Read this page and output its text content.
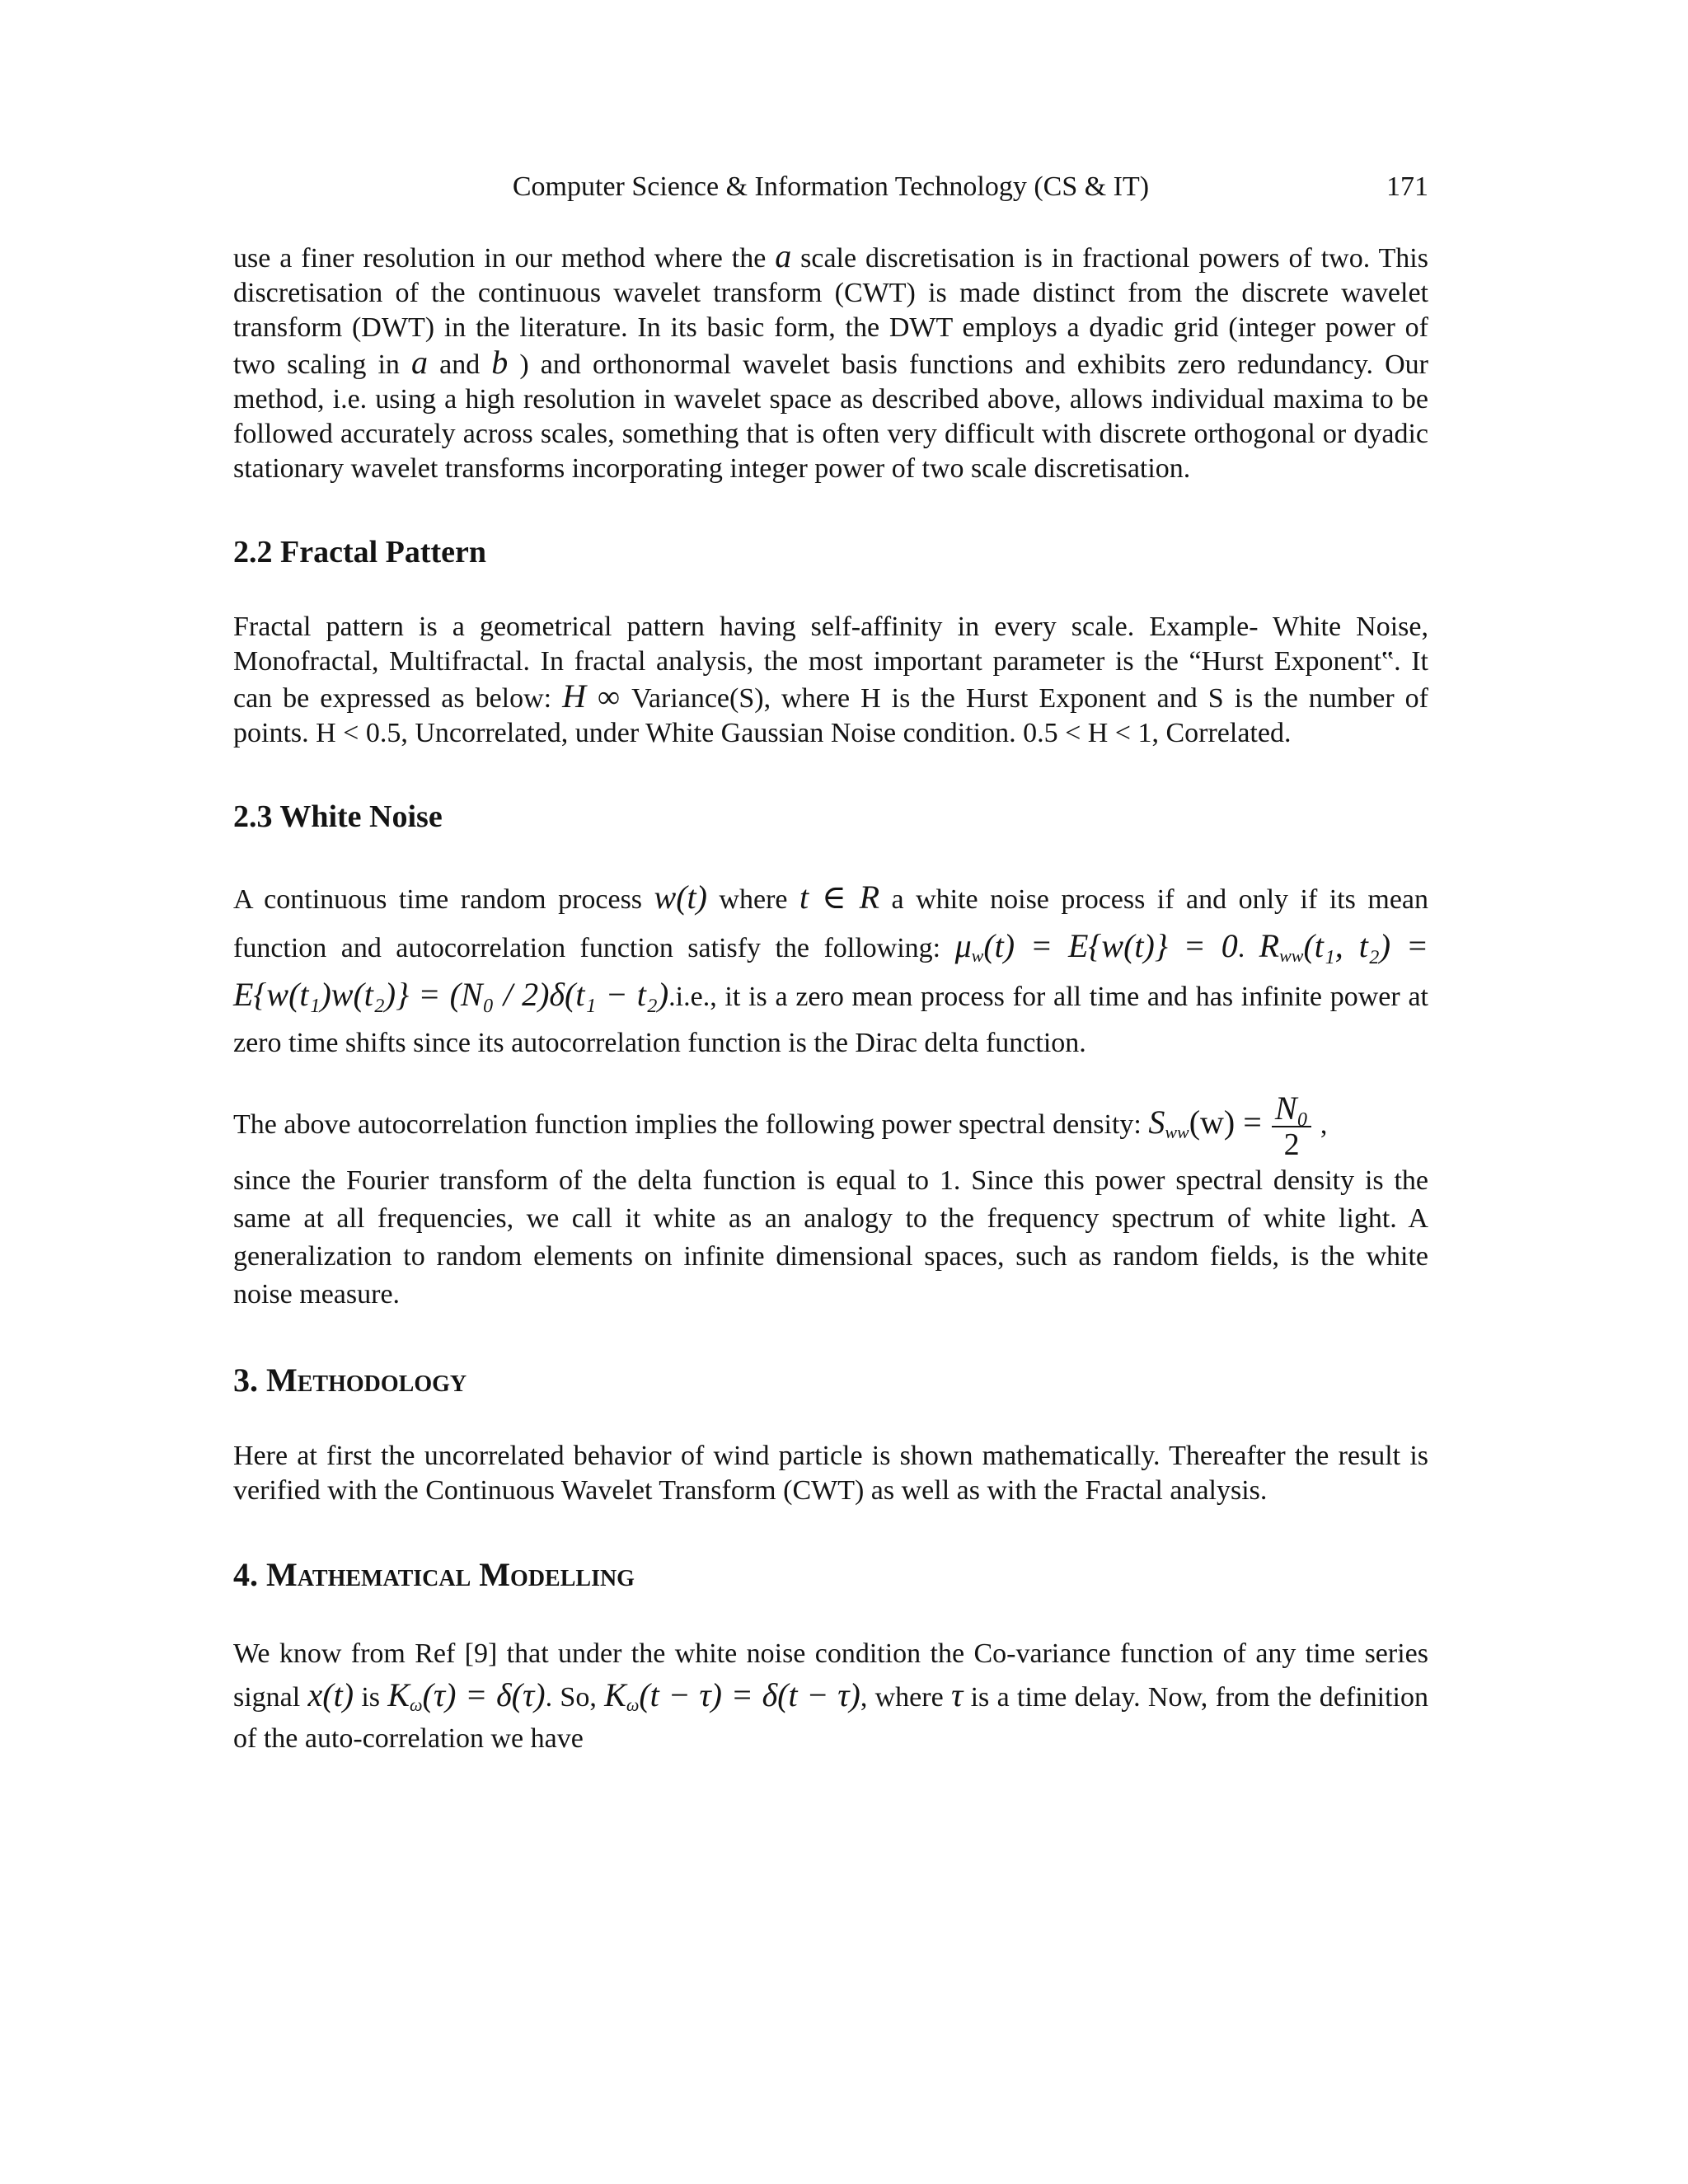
Computer Science & Information Technology (CS & IT)	171

use a finer resolution in our method where the a scale discretisation is in fractional powers of two. This discretisation of the continuous wavelet transform (CWT) is made distinct from the discrete wavelet transform (DWT) in the literature. In its basic form, the DWT employs a dyadic grid (integer power of two scaling in a and b ) and orthonormal wavelet basis functions and exhibits zero redundancy. Our method, i.e. using a high resolution in wavelet space as described above, allows individual maxima to be followed accurately across scales, something that is often very difficult with discrete orthogonal or dyadic stationary wavelet transforms incorporating integer power of two scale discretisation.

2.2 Fractal Pattern

Fractal pattern is a geometrical pattern having self-affinity in every scale. Example- White Noise, Monofractal, Multifractal. In fractal analysis, the most important parameter is the “Hurst Exponent‟. It can be expressed as below: H ∞ Variance(S), where H is the Hurst Exponent and S is the number of points. H < 0.5, Uncorrelated, under White Gaussian Noise condition. 0.5 < H < 1, Correlated.

2.3 White Noise

A continuous time random process w(t) where t ∈ R a white noise process if and only if its mean function and autocorrelation function satisfy the following: $\mu_w(t) = E\{w(t)\} = 0$. $R_{ww}(t_1$, t₂) = E{w(t₁)w(t₂)} = (N₀ / 2)δ(t₁ − t₂).i.e., it is a zero mean process for all time and has infinite power at zero time shifts since its autocorrelation function is the Dirac delta function.

The above autocorrelation function implies the following power spectral density: $S_{ww}(w) = \frac{\text{N₀}}{2}$ ,
since the Fourier transform of the delta function is equal to 1. Since this power spectral density is the same at all frequencies, we call it white as an analogy to the frequency spectrum of white light. A generalization to random elements on infinite dimensional spaces, such as random fields, is the white noise measure.

3. Methodology

Here at first the uncorrelated behavior of wind particle is shown mathematically. Thereafter the result is verified with the Continuous Wavelet Transform (CWT) as well as with the Fractal analysis.

4. Mathematical Modelling

We know from Ref [9] that under the white noise condition the Co-variance function of any time series signal x(t) is $K_\omega(\tau) = \delta(\tau)$. So, $K_\omega(t - \tau) = \delta(t - \tau)$, where τ is a time delay. Now, from the definition of the auto-correlation we have
